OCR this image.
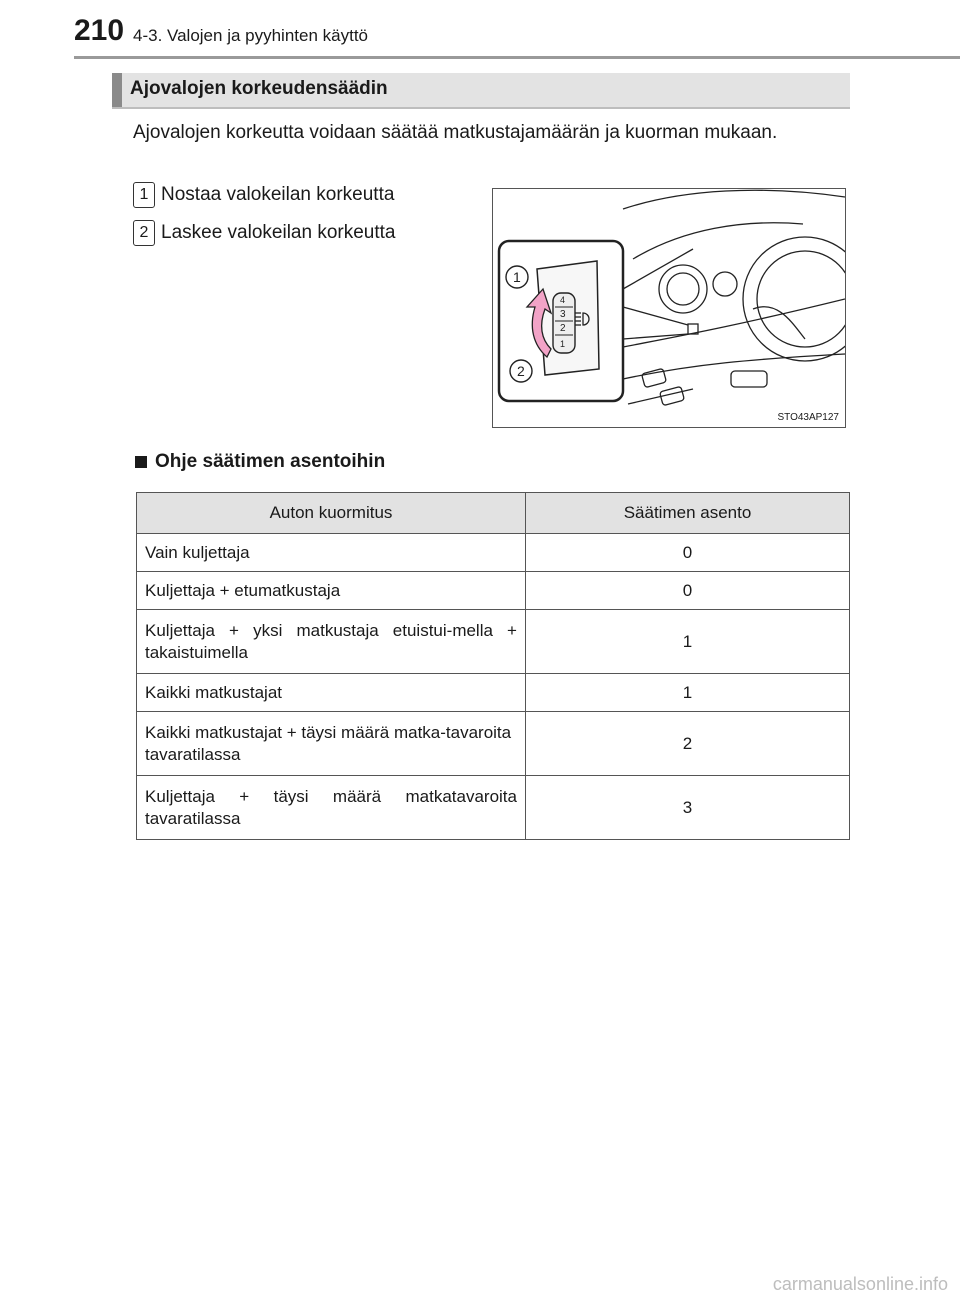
210 4-3. Valojen ja pyyhinten käyttö
Ajovalojen korkeudensäädin
Ajovalojen korkeutta voidaan säätää matkustajamäärän ja kuorman mukaan.
1 Nostaa valokeilan korkeutta
2 Laskee valokeilan korkeutta
4
3
2
1
1
2
STO43AP127
Ohje säätimen asentoihin
Auton kuormitus	Säätimen asento
Vain kuljettaja	0
Kuljettaja + etumatkustaja	0
Kuljettaja + yksi matkustaja etuistui-mella + takaistuimella	1
Kaikki matkustajat	1
Kaikki matkustajat + täysi määrä matka-tavaroita tavaratilassa	2
Kuljettaja + täysi määrä matkatavaroita tavaratilassa	3
carmanualsonline.info
